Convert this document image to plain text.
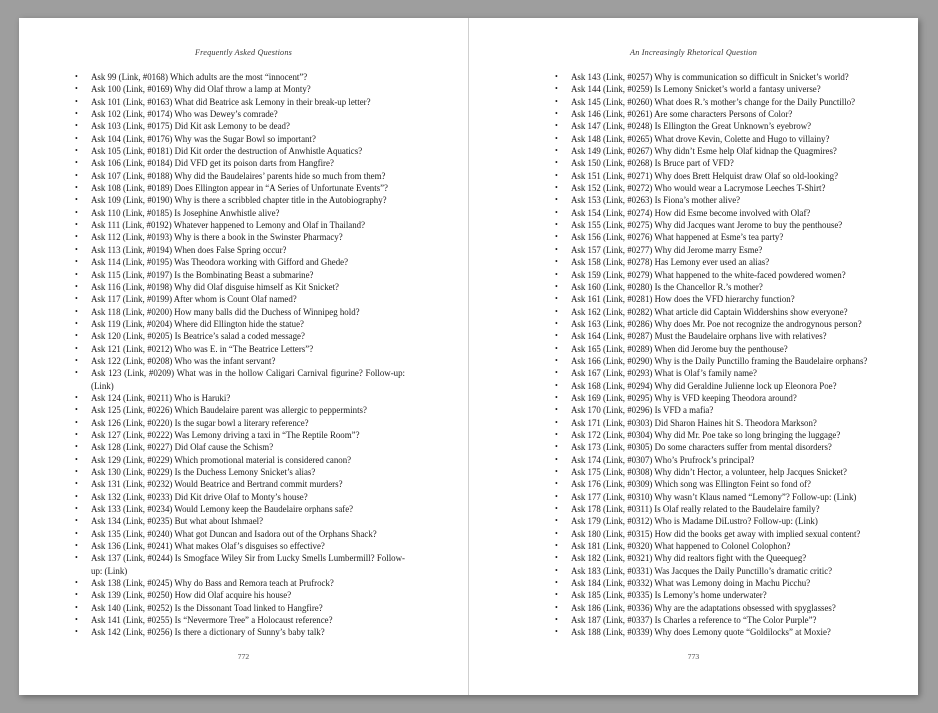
Frequently Asked Questions
• Ask 99 (Link, #0168) Which adults are the most “innocent”?
• Ask 100 (Link, #0169) Why did Olaf throw a lamp at Monty?
• Ask 101 (Link, #0163) What did Beatrice ask Lemony in their break-up letter?
• Ask 102 (Link, #0174) Who was Dewey’s comrade?
• Ask 103 (Link, #0175) Did Kit ask Lemony to be dead?
• Ask 104 (Link, #0176) Why was the Sugar Bowl so important?
• Ask 105 (Link, #0181) Did Kit order the destruction of Anwhistle Aquatics?
• Ask 106 (Link, #0184) Did VFD get its poison darts from Hangfire?
• Ask 107 (Link, #0188) Why did the Baudelaires’ parents hide so much from them?
• Ask 108 (Link, #0189) Does Ellington appear in “A Series of Unfortunate Events”?
• Ask 109 (Link, #0190) Why is there a scribbled chapter title in the Autobiography?
• Ask 110 (Link, #0185) Is Josephine Anwhistle alive?
• Ask 111 (Link, #0192) Whatever happened to Lemony and Olaf in Thailand?
• Ask 112 (Link, #0193) Why is there a book in the Swinster Pharmacy?
• Ask 113 (Link, #0194) When does False Spring occur?
• Ask 114 (Link, #0195) Was Theodora working with Gifford and Ghede?
• Ask 115 (Link, #0197) Is the Bombinating Beast a submarine?
• Ask 116 (Link, #0198) Why did Olaf disguise himself as Kit Snicket?
• Ask 117 (Link, #0199) After whom is Count Olaf named?
• Ask 118 (Link, #0200) How many balls did the Duchess of Winnipeg hold?
• Ask 119 (Link, #0204) Where did Ellington hide the statue?
• Ask 120 (Link, #0205) Is Beatrice’s salad a coded message?
• Ask 121 (Link, #0212) Who was E. in “The Beatrice Letters”?
• Ask 122 (Link, #0208) Who was the infant servant?
• Ask 123 (Link, #0209) What was in the hollow Caligari Carnival figurine? Follow-up: (Link)
• Ask 124 (Link, #0211) Who is Haruki?
• Ask 125 (Link, #0226) Which Baudelaire parent was allergic to peppermints?
• Ask 126 (Link, #0220) Is the sugar bowl a literary reference?
• Ask 127 (Link, #0222) Was Lemony driving a taxi in “The Reptile Room”?
• Ask 128 (Link, #0227) Did Olaf cause the Schism?
• Ask 129 (Link, #0229) Which promotional material is considered canon?
• Ask 130 (Link, #0229) Is the Duchess Lemony Snicket’s alias?
• Ask 131 (Link, #0232) Would Beatrice and Bertrand commit murders?
• Ask 132 (Link, #0233) Did Kit drive Olaf to Monty’s house?
• Ask 133 (Link, #0234) Would Lemony keep the Baudelaire orphans safe?
• Ask 134 (Link, #0235) But what about Ishmael?
• Ask 135 (Link, #0240) What got Duncan and Isadora out of the Orphans Shack?
• Ask 136 (Link, #0241) What makes Olaf’s disguises so effective?
• Ask 137 (Link, #0244) Is Smogface Wiley Sir from Lucky Smells Lumbermill? Follow-up: (Link)
• Ask 138 (Link, #0245) Why do Bass and Remora teach at Prufrock?
• Ask 139 (Link, #0250) How did Olaf acquire his house?
• Ask 140 (Link, #0252) Is the Dissonant Toad linked to Hangfire?
• Ask 141 (Link, #0255) Is “Nevermore Tree” a Holocaust reference?
• Ask 142 (Link, #0256) Is there a dictionary of Sunny’s baby talk?
772
An Increasingly Rhetorical Question
• Ask 143 (Link, #0257) Why is communication so difficult in Snicket’s world?
• Ask 144 (Link, #0259) Is Lemony Snicket’s world a fantasy universe?
• Ask 145 (Link, #0260) What does R.’s mother’s change for the Daily Punctillo?
• Ask 146 (Link, #0261) Are some characters Persons of Color?
• Ask 147 (Link, #0248) Is Ellington the Great Unknown’s eyebrow?
• Ask 148 (Link, #0265) What drove Kevin, Colette and Hugo to villainy?
• Ask 149 (Link, #0267) Why didn’t Esme help Olaf kidnap the Quagmires?
• Ask 150 (Link, #0268) Is Bruce part of VFD?
• Ask 151 (Link, #0271) Why does Brett Helquist draw Olaf so old-looking?
• Ask 152 (Link, #0272) Who would wear a Lacrymose Leeches T-Shirt?
• Ask 153 (Link, #0263) Is Fiona’s mother alive?
• Ask 154 (Link, #0274) How did Esme become involved with Olaf?
• Ask 155 (Link, #0275) Why did Jacques want Jerome to buy the penthouse?
• Ask 156 (Link, #0276) What happened at Esme’s tea party?
• Ask 157 (Link, #0277) Why did Jerome marry Esme?
• Ask 158 (Link, #0278) Has Lemony ever used an alias?
• Ask 159 (Link, #0279) What happened to the white-faced powdered women?
• Ask 160 (Link, #0280) Is the Chancellor R.’s mother?
• Ask 161 (Link, #0281) How does the VFD hierarchy function?
• Ask 162 (Link, #0282) What article did Captain Widdershins show everyone?
• Ask 163 (Link, #0286) Why does Mr. Poe not recognize the androgynous person?
• Ask 164 (Link, #0287) Must the Baudelaire orphans live with relatives?
• Ask 165 (Link, #0289) When did Jerome buy the penthouse?
• Ask 166 (Link, #0290) Why is the Daily Punctillo framing the Baudelaire orphans?
• Ask 167 (Link, #0293) What is Olaf’s family name?
• Ask 168 (Link, #0294) Why did Geraldine Julienne lock up Eleonora Poe?
• Ask 169 (Link, #0295) Why is VFD keeping Theodora around?
• Ask 170 (Link, #0296) Is VFD a mafia?
• Ask 171 (Link, #0303) Did Sharon Haines hit S. Theodora Markson?
• Ask 172 (Link, #0304) Why did Mr. Poe take so long bringing the luggage?
• Ask 173 (Link, #0305) Do some characters suffer from mental disorders?
• Ask 174 (Link, #0307) Who’s Prufrock’s principal?
• Ask 175 (Link, #0308) Why didn’t Hector, a volunteer, help Jacques Snicket?
• Ask 176 (Link, #0309) Which song was Ellington Feint so fond of?
• Ask 177 (Link, #0310) Why wasn’t Klaus named “Lemony”? Follow-up: (Link)
• Ask 178 (Link, #0311) Is Olaf really related to the Baudelaire family?
• Ask 179 (Link, #0312) Who is Madame DiLustro? Follow-up: (Link)
• Ask 180 (Link, #0315) How did the books get away with implied sexual content?
• Ask 181 (Link, #0320) What happened to Colonel Colophon?
• Ask 182 (Link, #0321) Why did realtors fight with the Queequeg?
• Ask 183 (Link, #0331) Was Jacques the Daily Punctillo’s dramatic critic?
• Ask 184 (Link, #0332) What was Lemony doing in Machu Picchu?
• Ask 185 (Link, #0335) Is Lemony’s home underwater?
• Ask 186 (Link, #0336) Why are the adaptations obsessed with spyglasses?
• Ask 187 (Link, #0337) Is Charles a reference to “The Color Purple”?
• Ask 188 (Link, #0339) Why does Lemony quote “Goldilocks” at Moxie?
773
